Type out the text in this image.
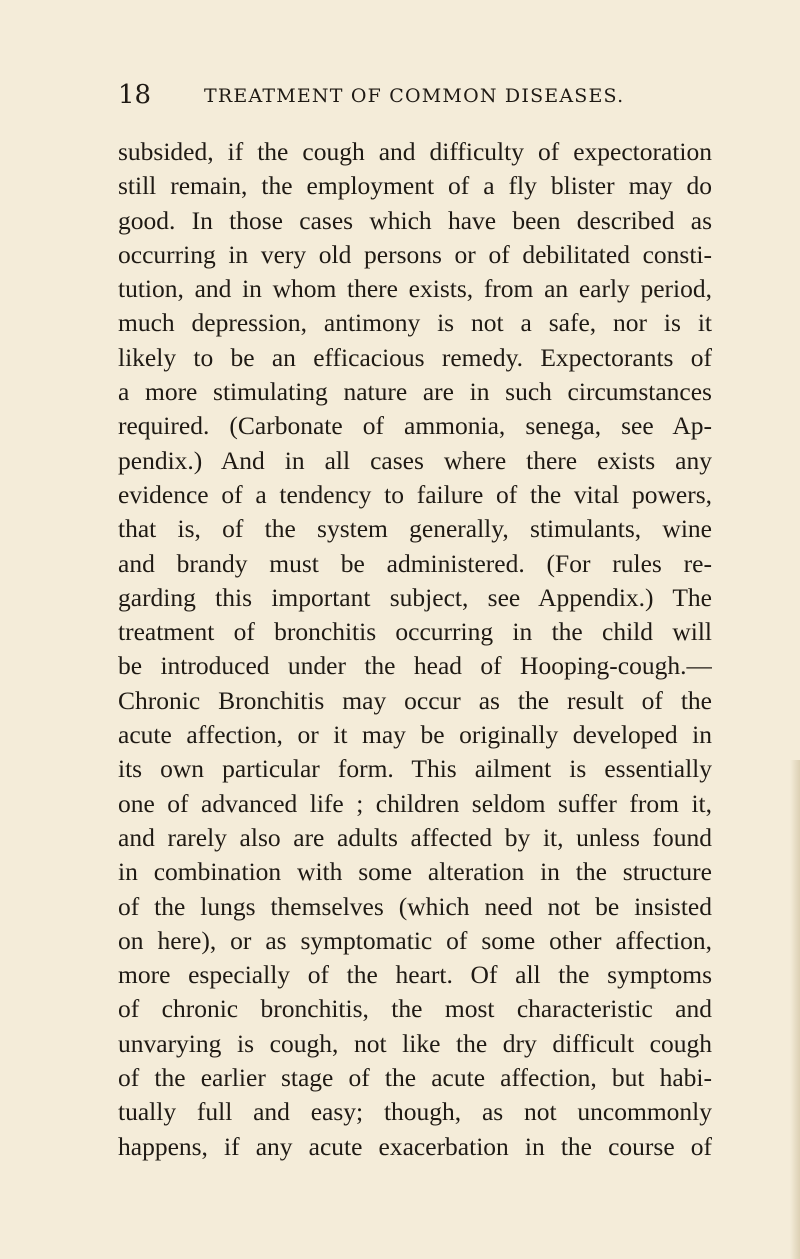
18	TREATMENT OF COMMON DISEASES.
subsided, if the cough and difficulty of expectoration
still remain, the employment of a fly blister may do
good. In those cases which have been described as
occurring in very old persons or of debilitated consti-
tution, and in whom there exists, from an early period,
much depression, antimony is not a safe, nor is it
likely to be an efficacious remedy. Expectorants of
a more stimulating nature are in such circumstances
required. (Carbonate of ammonia, senega, see Ap-
pendix.) And in all cases where there exists any
evidence of a tendency to failure of the vital powers,
that is, of the system generally, stimulants, wine
and brandy must be administered. (For rules re-
garding this important subject, see Appendix.) The
treatment of bronchitis occurring in the child will
be introduced under the head of Hooping-cough.—
Chronic Bronchitis may occur as the result of the
acute affection, or it may be originally developed in
its own particular form. This ailment is essentially
one of advanced life ; children seldom suffer from it,
and rarely also are adults affected by it, unless found
in combination with some alteration in the structure
of the lungs themselves (which need not be insisted
on here), or as symptomatic of some other affection,
more especially of the heart. Of all the symptoms
of chronic bronchitis, the most characteristic and
unvarying is cough, not like the dry difficult cough
of the earlier stage of the acute affection, but habi-
tually full and easy; though, as not uncommonly
happens, if any acute exacerbation in the course of
